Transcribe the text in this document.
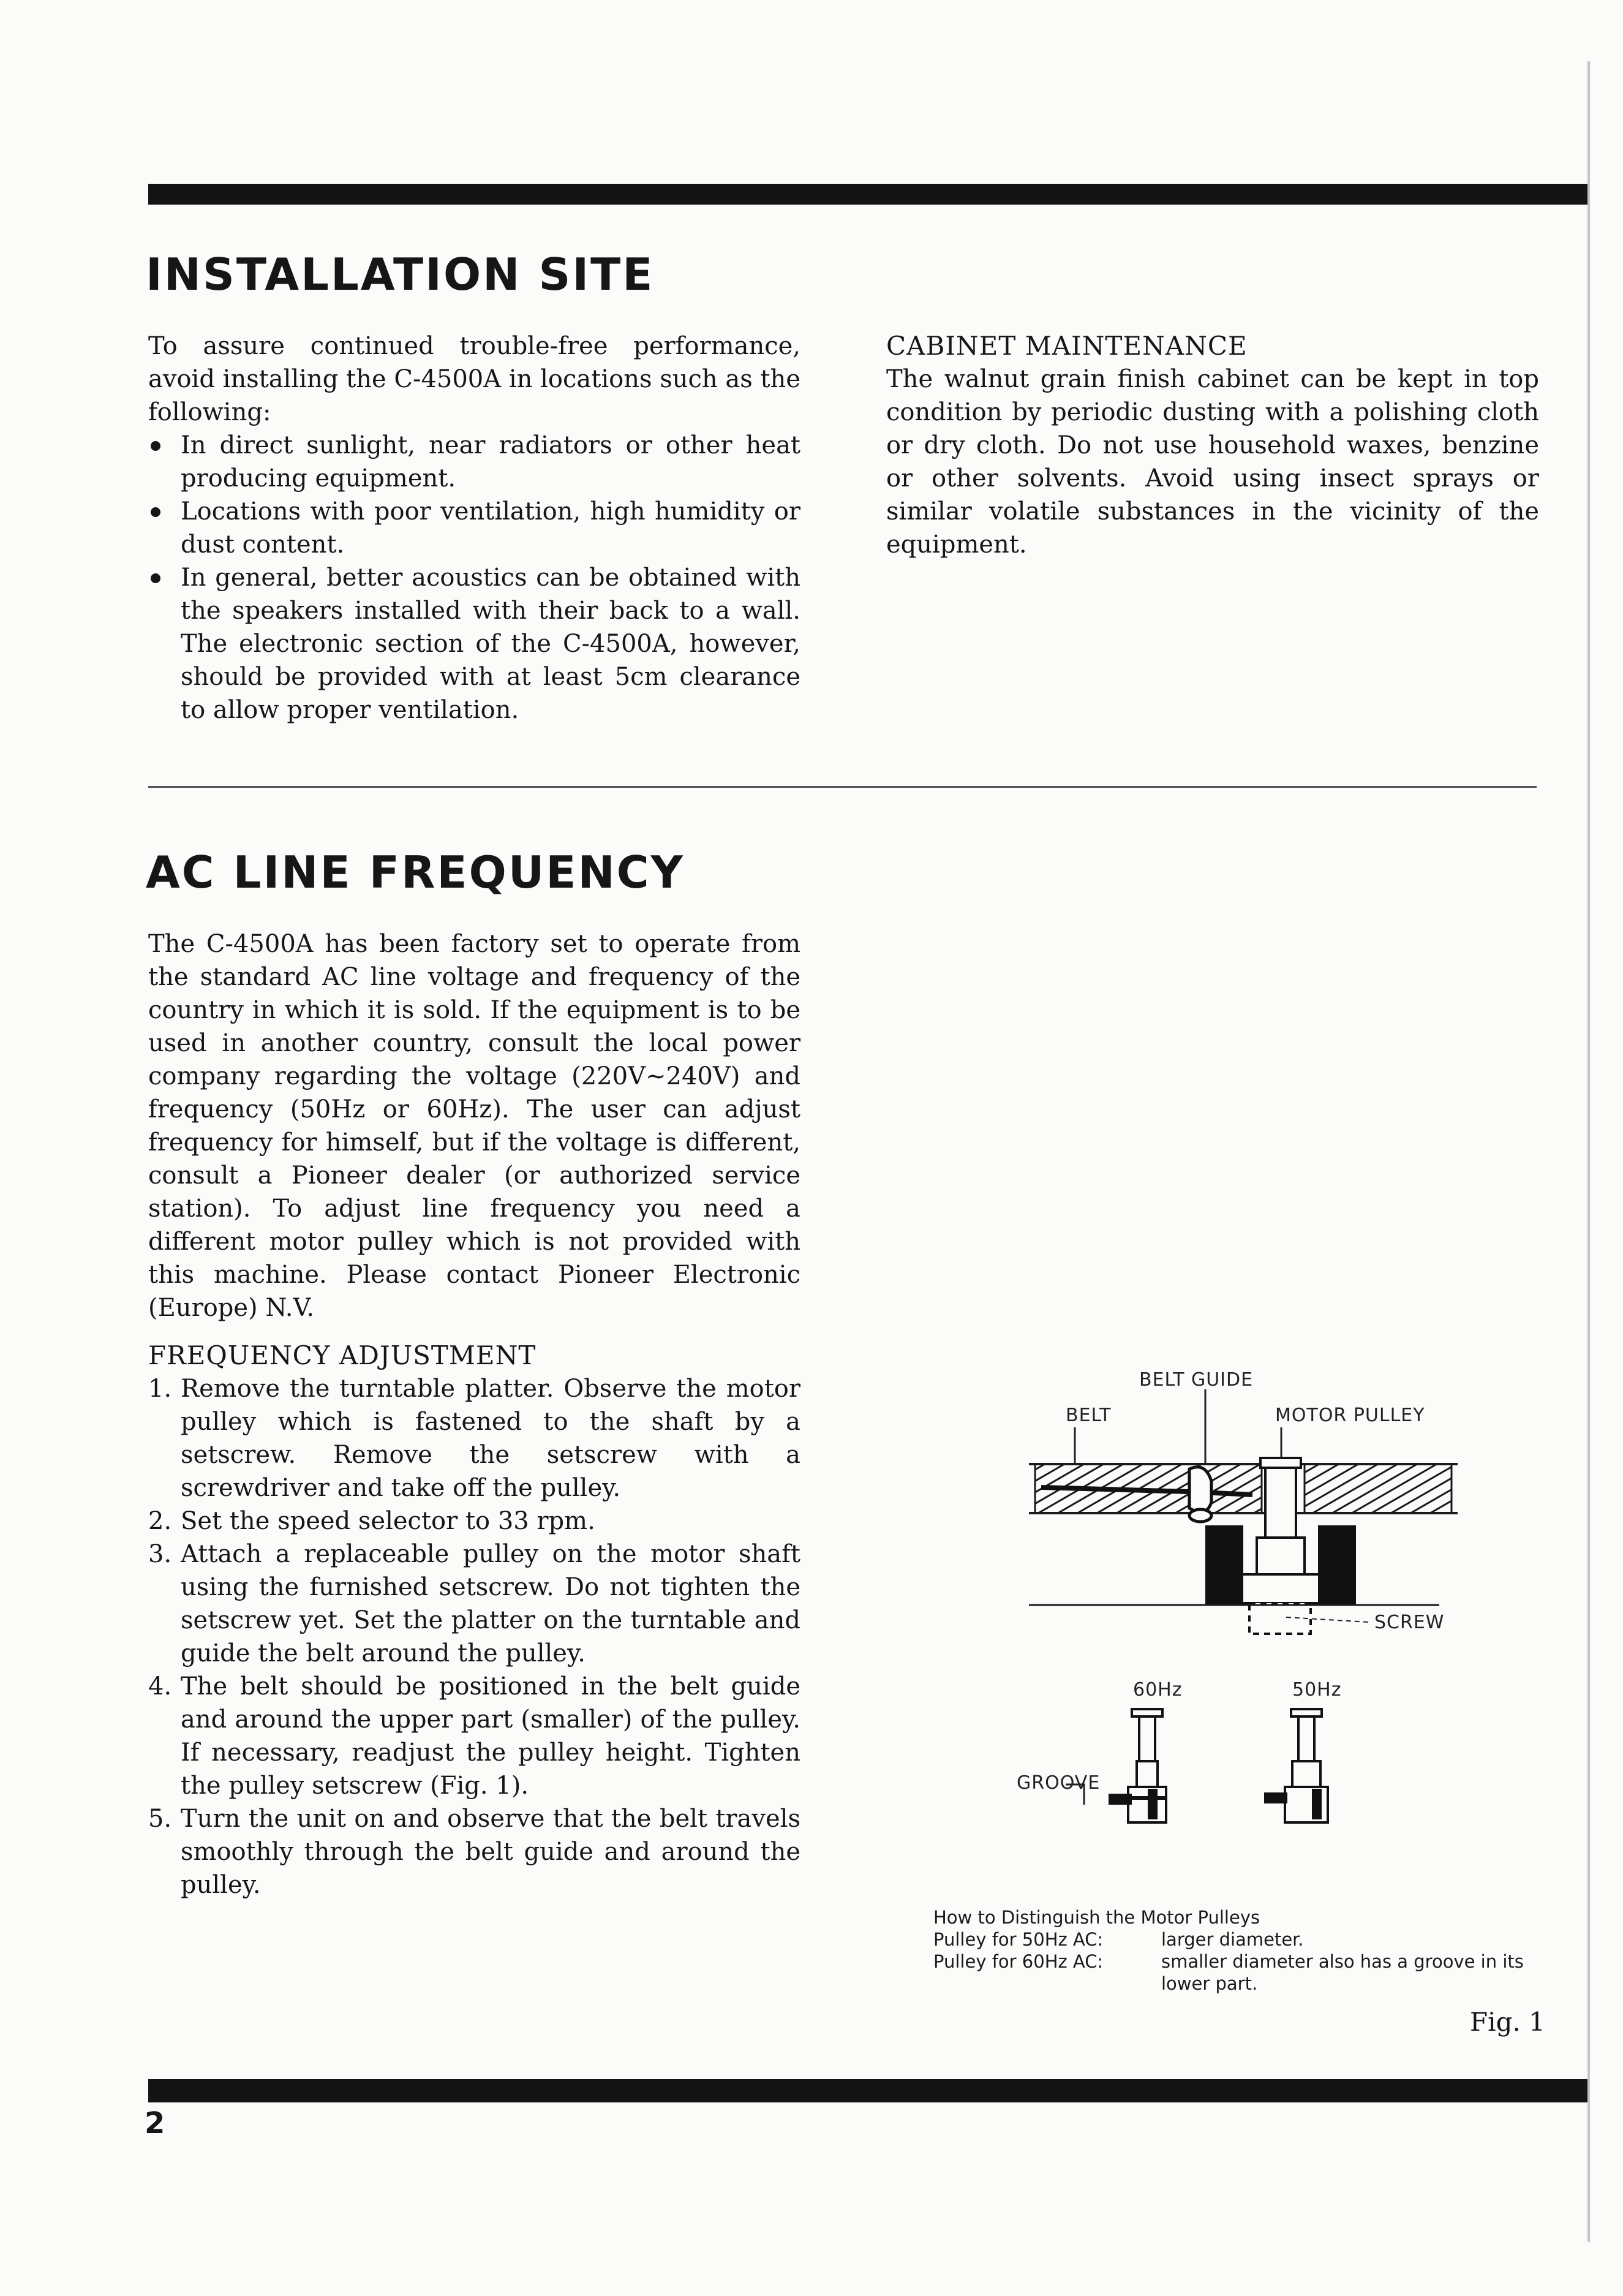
INSTALLATION SITE

To assure continued trouble-free performance, avoid installing the C-4500A in locations such as the following:

In direct sunlight, near radiators or other heat producing equipment.
Locations with poor ventilation, high humidity or dust content.
In general, better acoustics can be obtained with the speakers installed with their back to a wall. The electronic section of the C-4500A, however, should be provided with at least 5cm clearance to allow proper ventilation.
CABINET MAINTENANCE

The walnut grain finish cabinet can be kept in top condition by periodic dusting with a polishing cloth or dry cloth. Do not use household waxes, benzine or other solvents. Avoid using insect sprays or similar volatile substances in the vicinity of the equipment.

AC LINE FREQUENCY

The C-4500A has been factory set to operate from the standard AC line voltage and frequency of the country in which it is sold. If the equipment is to be used in another country, consult the local power company regarding the voltage (220V~240V) and frequency (50Hz or 60Hz). The user can adjust frequency for himself, but if the voltage is different, consult a Pioneer dealer (or authorized service station). To adjust line frequency you need a different motor pulley which is not provided with this machine. Please contact Pioneer Electronic (Europe) N.V.

FREQUENCY ADJUSTMENT
1. Remove the turntable platter. Observe the motor pulley which is fastened to the shaft by a setscrew. Remove the setscrew with a screwdriver and take off the pulley.
2. Set the speed selector to 33 rpm.
3. Attach a replaceable pulley on the motor shaft using the furnished setscrew. Do not tighten the setscrew yet. Set the platter on the turntable and guide the belt around the pulley.
4. The belt should be positioned in the belt guide and around the upper part (smaller) of the pulley. If necessary, readjust the pulley height. Tighten the pulley setscrew (Fig. 1).
5. Turn the unit on and observe that the belt travels smoothly through the belt guide and around the pulley.
BELT GUIDE
BELT	MOTOR PULLEY
SCREW
60Hz	50Hz
GROOVE
How to Distinguish the Motor Pulleys
Pulley for 50Hz AC:	larger diameter.
Pulley for 60Hz AC:	smaller diameter also has a groove in its lower part.
Fig. 1
2
